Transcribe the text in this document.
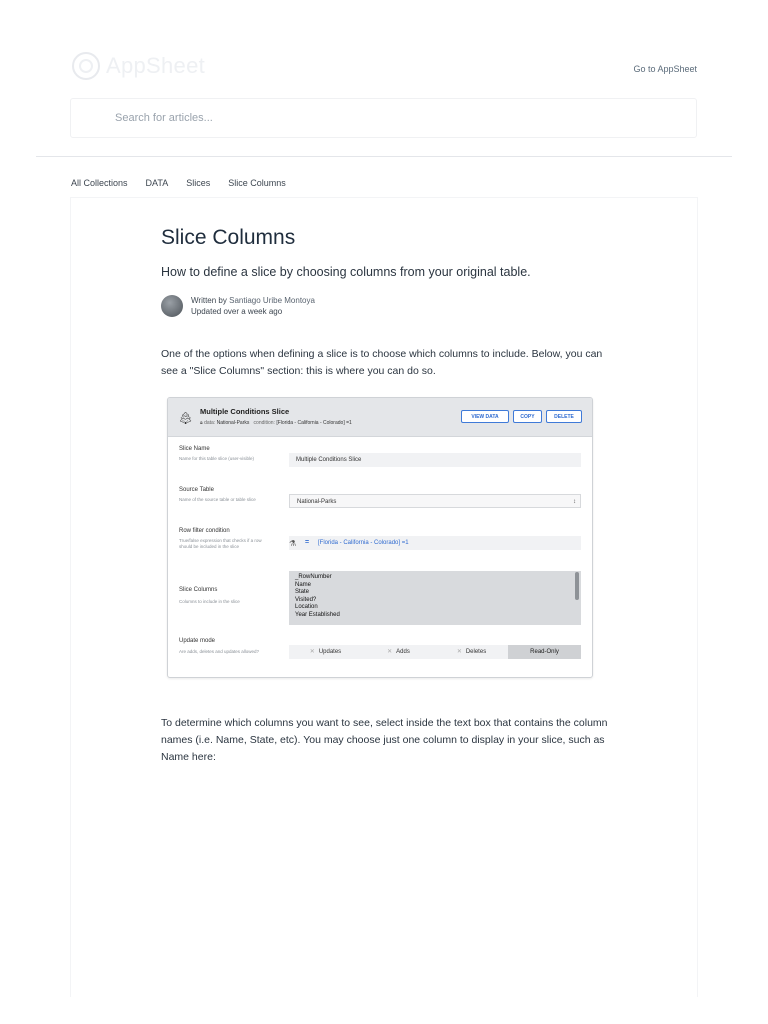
AppSheet	Go to AppSheet
Search for articles...
All Collections DATA Slices Slice Columns
Slice Columns

How to define a slice by choosing columns from your original table.

Written by Santiago Uribe Montoya
Updated over a week ago

One of the options when defining a slice is to choose which columns to include. Below, you can see a "Slice Columns" section: this is where you can do so.

🌲︎ Multiple Conditions Slice
🔒︎ data: National-Parks condition: [Florida - California - Colorado] =1
VIEW DATA	COPY	DELETE
Slice Name
Name for this table slice (user-visible)	Multiple Conditions Slice
Source Table
Name of the source table or table slice	National-Parks	↕
Row filter condition
True/false expression that checks if a row should be included in the slice	⚗︎ = [Florida - California - Colorado] =1
Slice Columns
Columns to include in the slice
_RowNumber
Name
State
Visited?
Location
Year Established
Update mode
Are adds, deletes and updates allowed?	✕ Updates	✕ Adds	✕ Deletes	Read-Only

To determine which columns you want to see, select inside the text box that contains the column names (i.e. Name, State, etc). You may choose just one column to display in your slice, such as Name here:
